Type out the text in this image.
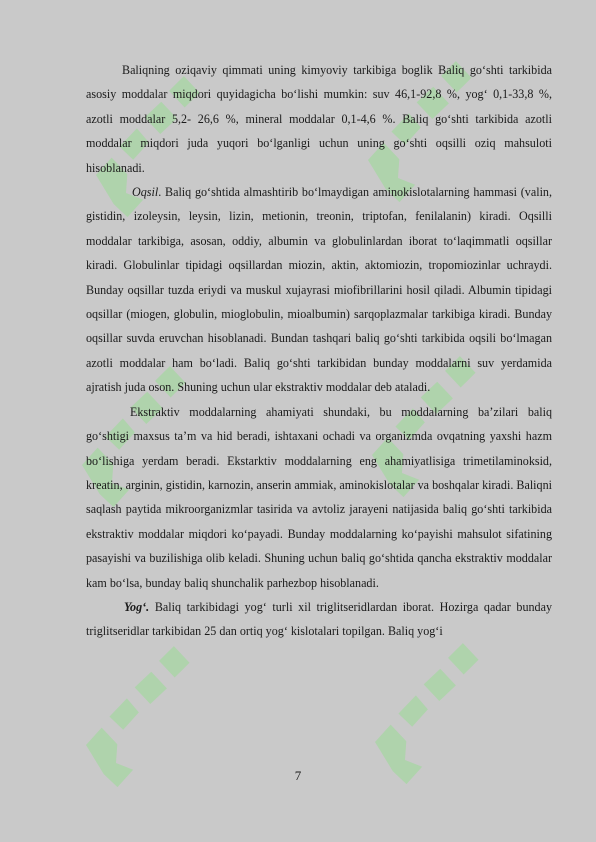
Baliqning oziqaviy qimmati uning kimyoviy tarkibiga boglik Baliq go‘shti tarkibida asosiy moddalar miqdori quyidagicha bo‘lishi mumkin: suv 46,1-92,8 %, yog‘ 0,1-33,8 %, azotli moddalar 5,2- 26,6 %, mineral moddalar 0,1-4,6 %. Baliq go‘shti tarkibida azotli moddalar miqdori juda yuqori bo‘lganligi uchun uning go‘shti oqsilli oziq mahsuloti hisoblanadi.

Oqsil. Baliq go‘shtida almashtirib bo‘lmaydigan aminokislotalarning hammasi (valin, gistidin, izoleysin, leysin, lizin, metionin, treonin, triptofan, fenilalanin) kiradi. Oqsilli moddalar tarkibiga, asosan, oddiy, albumin va globulinlardan iborat to‘laqimmatli oqsillar kiradi. Globulinlar tipidagi oqsillardan miozin, aktin, aktomiozin, tropomiozinlar uchraydi. Bunday oqsillar tuzda eriydi va muskul xujayrasi miofibrillarini hosil qiladi. Albumin tipidagi oqsillar (miogen, globulin, mioglobulin, mioalbumin) sarqoplazmalar tarkibiga kiradi. Bunday oqsillar suvda eruvchan hisoblanadi. Bundan tashqari baliq go‘shti tarkibida oqsili bo‘lmagan azotli moddalar ham bo‘ladi. Baliq go‘shti tarkibidan bunday moddalarni suv yerdamida ajratish juda oson. Shuning uchun ular ekstraktiv moddalar deb ataladi.

Ekstraktiv moddalarning ahamiyati shundaki, bu moddalarning ba’zilari baliq go‘shtigi maxsus ta’m va hid beradi, ishtaxani ochadi va organizmda ovqatning yaxshi hazm bo‘lishiga yerdam beradi. Ekstarktiv moddalarning eng ahamiyatlisiga trimetilaminoksid, kreatin, arginin, gistidin, karnozin, anserin ammiak, aminokislotalar va boshqalar kiradi. Baliqni saqlash paytida mikroorganizmlar tasirida va avtoliz jarayeni natijasida baliq go‘shti tarkibida ekstraktiv moddalar miqdori ko‘payadi. Bunday moddalarning ko‘payishi mahsulot sifatining pasayishi va buzilishiga olib keladi. Shuning uchun baliq go‘shtida qancha ekstraktiv moddalar kam bo‘lsa, bunday baliq shunchalik parhezbop hisoblanadi.

Yog‘. Baliq tarkibidagi yog‘ turli xil triglitseridlardan iborat. Hozirga qadar bunday triglitseridlar tarkibidan 25 dan ortiq yog‘ kislotalari topilgan. Baliq yog‘i

7
